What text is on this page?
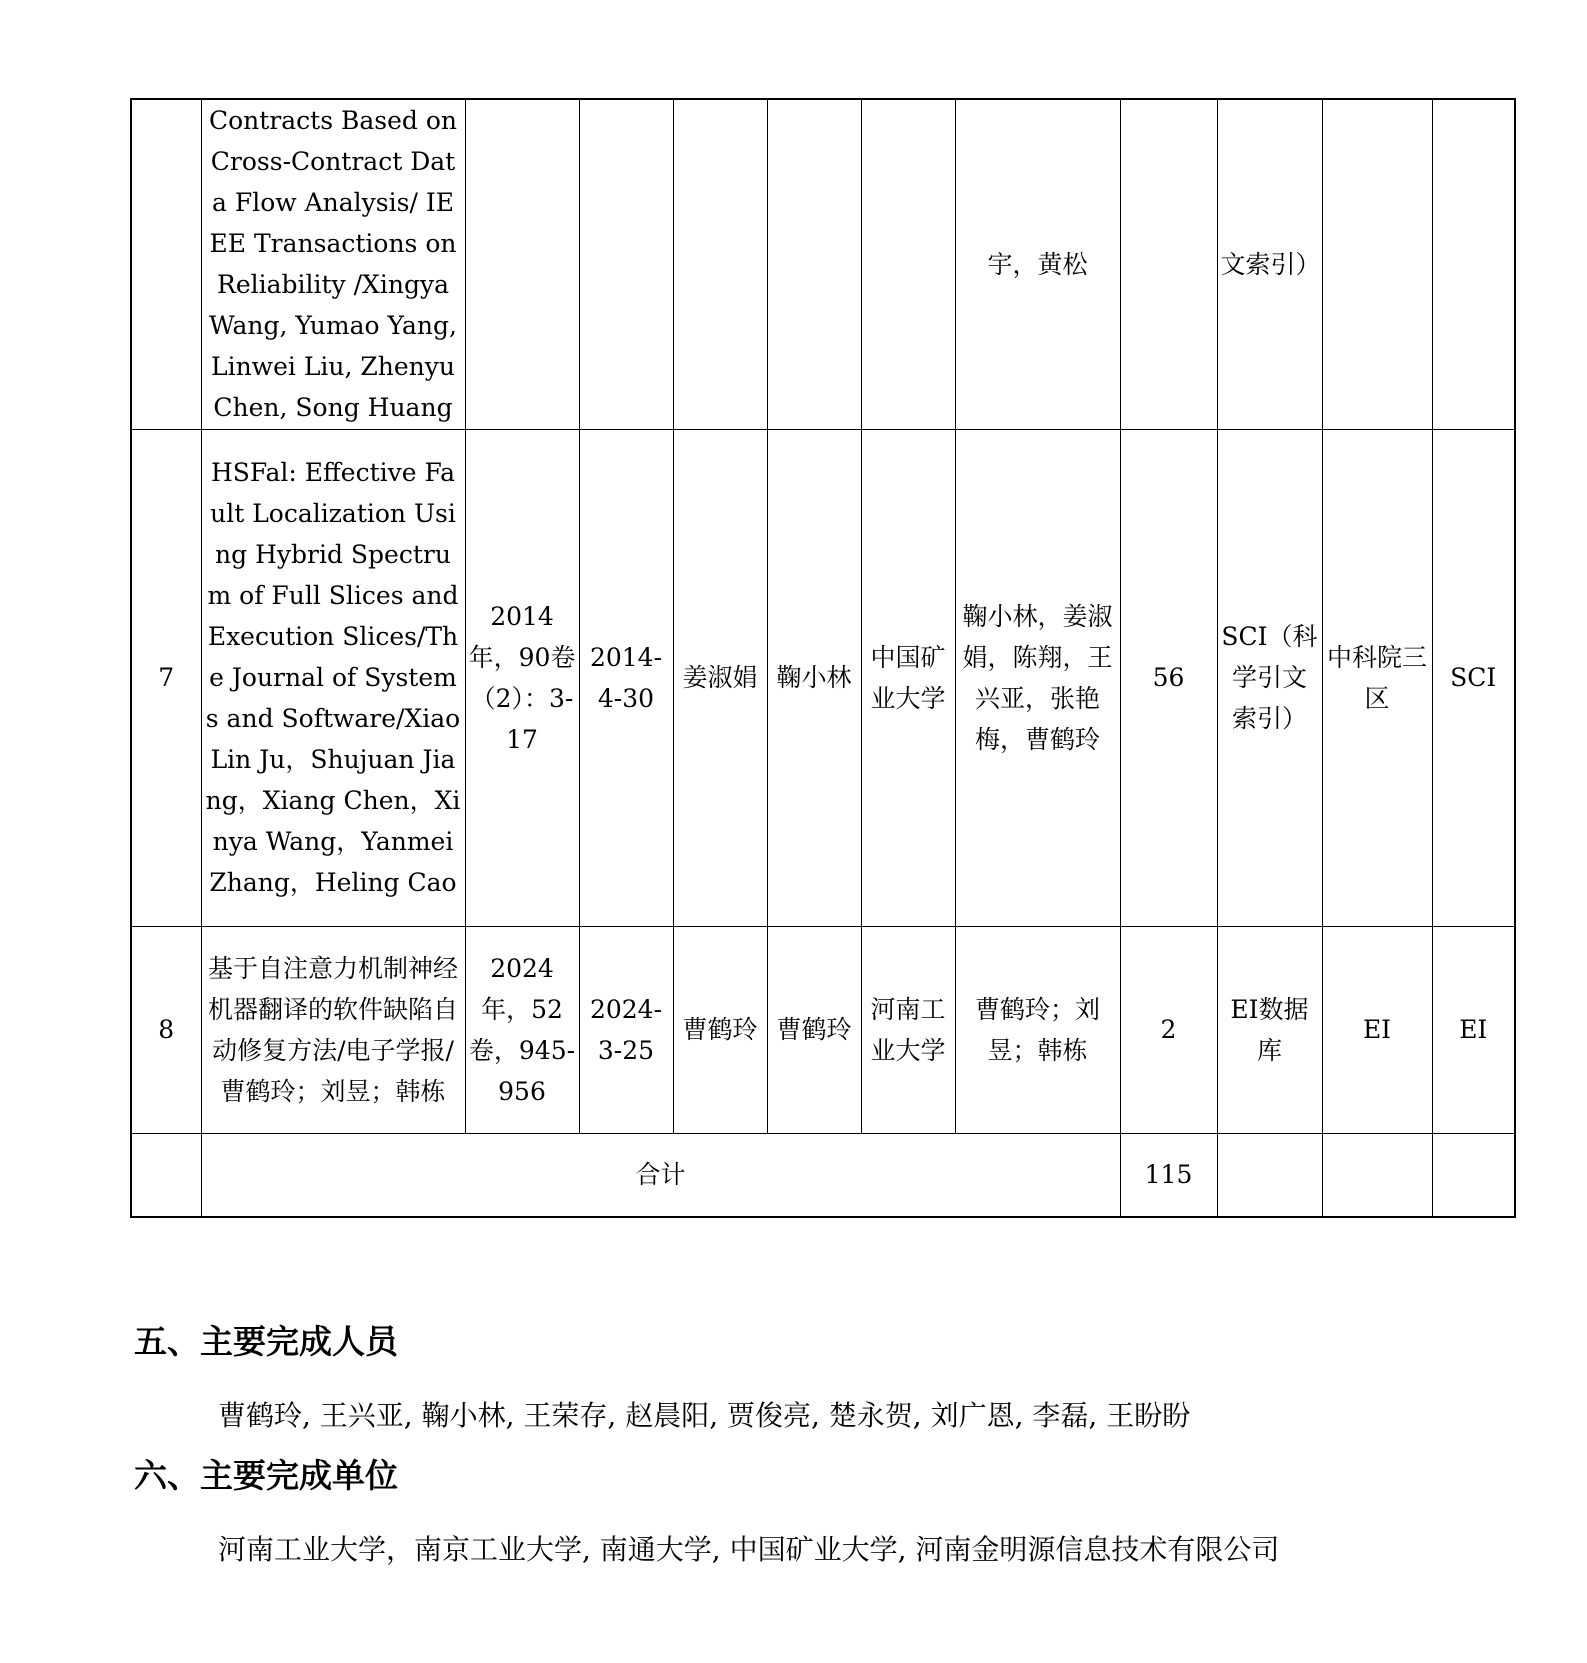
	Contracts Based on Cross-Contract Data Flow Analysis/ IEEE Transactions on Reliability /Xingya Wang, Yumao Yang, Linwei Liu, Zhenyu Chen, Song Huang						宇，黄松		文索引）		
7	HSFal: Effective Fault Localization Using Hybrid Spectrum of Full Slices and Execution Slices/The Journal of Systems and Software/XiaoLin Ju，Shujuan Jiang，Xiang Chen，Xinya Wang，Yanmei Zhang，Heling Cao	2014年，90卷（2）：3-17	2014-4-30	姜淑娟	鞠小林	中国矿业大学	鞠小林，姜淑娟，陈翔，王兴亚，张艳梅，曹鹤玲	56	SCI（科学引文索引）	中科院三区	SCI
8	基于自注意力机制神经机器翻译的软件缺陷自动修复方法/电子学报/曹鹤玲；刘昱；韩栋	2024年，52卷，945-956	2024-3-25	曹鹤玲	曹鹤玲	河南工业大学	曹鹤玲；刘昱；韩栋	2	EI数据库	EI	EI
	合计							115			
五、主要完成人员
曹鹤玲, 王兴亚, 鞠小林, 王荣存, 赵晨阳, 贾俊亮, 楚永贺, 刘广恩, 李磊, 王盼盼
六、主要完成单位
河南工业大学，南京工业大学, 南通大学, 中国矿业大学, 河南金明源信息技术有限公司
